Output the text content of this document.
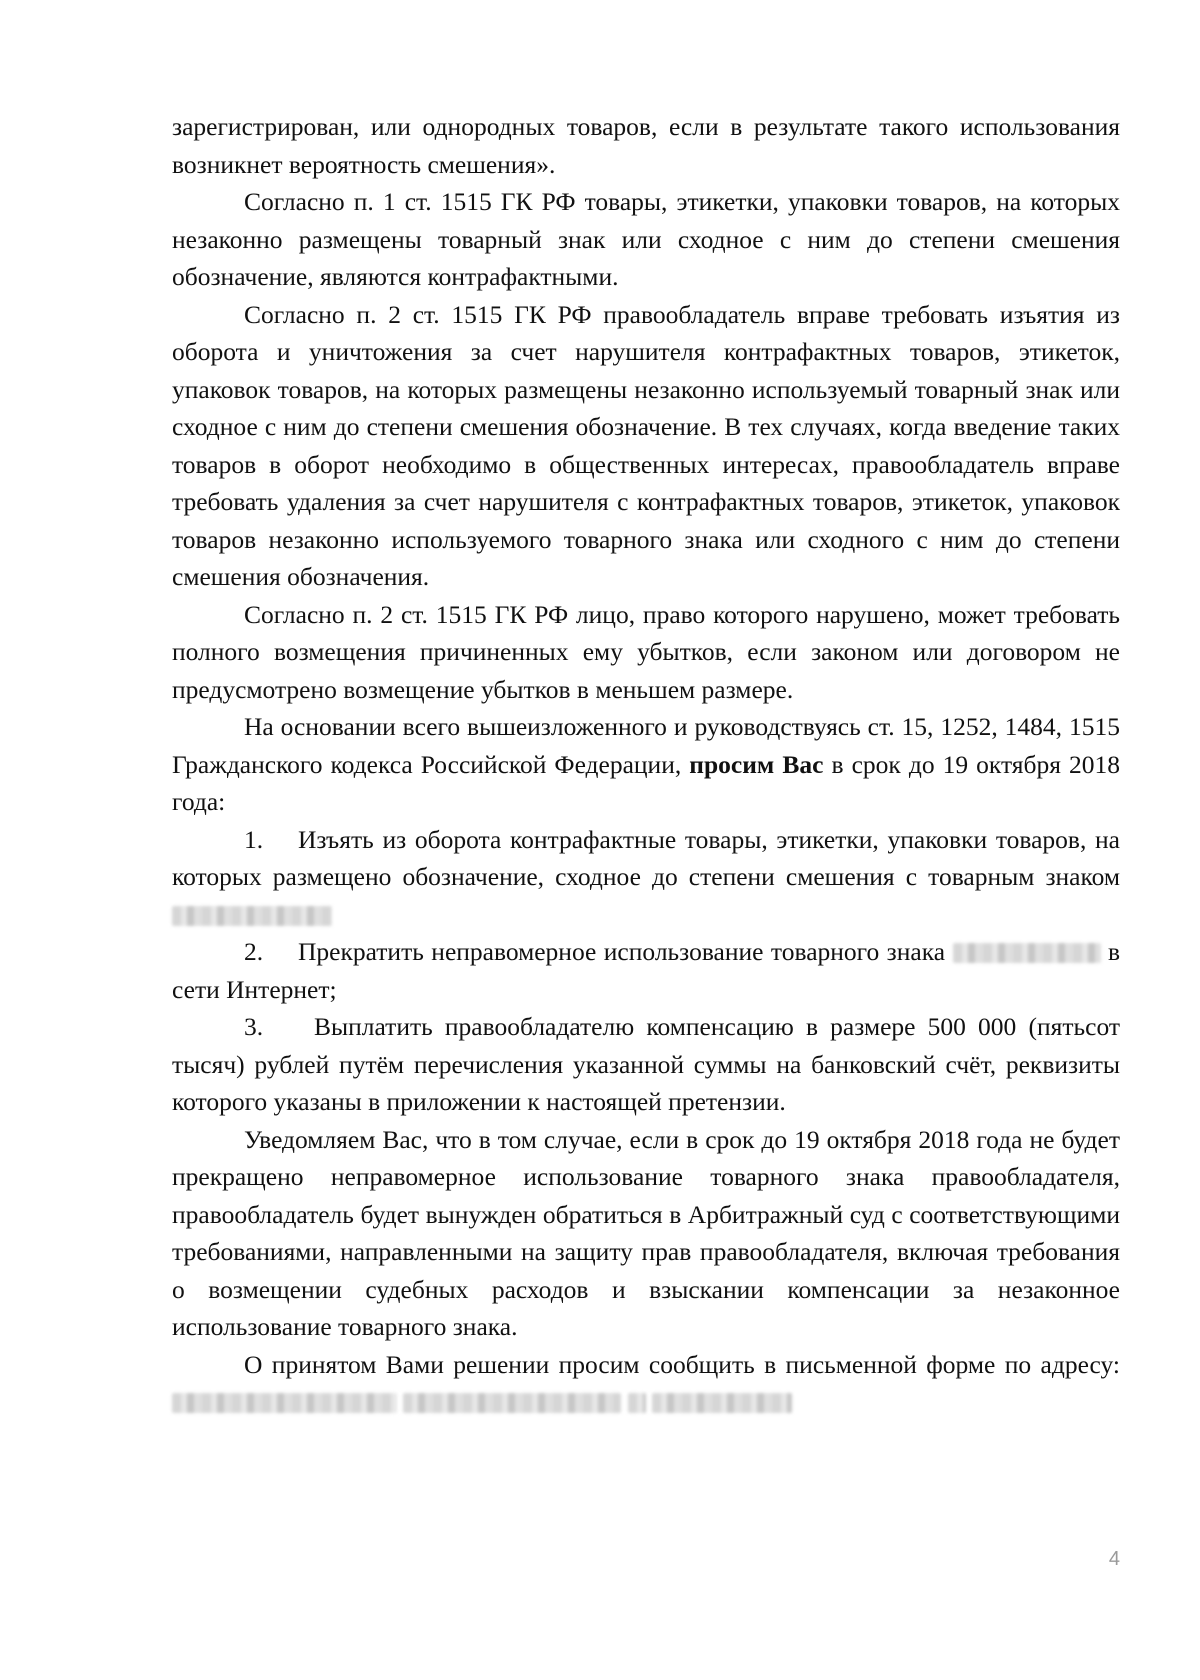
зарегистрирован, или однородных товаров, если в результате такого использования возникнет вероятность смешения».

Согласно п. 1 ст. 1515 ГК РФ товары, этикетки, упаковки товаров, на которых незаконно размещены товарный знак или сходное с ним до степени смешения обозначение, являются контрафактными.

Согласно п. 2 ст. 1515 ГК РФ правообладатель вправе требовать изъятия из оборота и уничтожения за счет нарушителя контрафактных товаров, этикеток, упаковок товаров, на которых размещены незаконно используемый товарный знак или сходное с ним до степени смешения обозначение. В тех случаях, когда введение таких товаров в оборот необходимо в общественных интересах, правообладатель вправе требовать удаления за счет нарушителя с контрафактных товаров, этикеток, упаковок товаров незаконно используемого товарного знака или сходного с ним до степени смешения обозначения.

Согласно п. 2 ст. 1515 ГК РФ лицо, право которого нарушено, может требовать полного возмещения причиненных ему убытков, если законом или договором не предусмотрено возмещение убытков в меньшем размере.

На основании всего вышеизложенного и руководствуясь ст. 15, 1252, 1484, 1515 Гражданского кодекса Российской Федерации, просим Вас в срок до 19 октября 2018 года:

1. Изъять из оборота контрафактные товары, этикетки, упаковки товаров, на которых размещено обозначение, сходное до степени смешения с товарным знаком

2. Прекратить неправомерное использование товарного знака	в сети Интернет;

3. Выплатить правообладателю компенсацию в размере 500 000 (пятьсот тысяч) рублей путём перечисления указанной суммы на банковский счёт, реквизиты которого указаны в приложении к настоящей претензии.

Уведомляем Вас, что в том случае, если в срок до 19 октября 2018 года не будет прекращено неправомерное использование товарного знака правообладателя, правообладатель будет вынужден обратиться в Арбитражный суд с соответствующими требованиями, направленными на защиту прав правообладателя, включая требования о возмещении судебных расходов и взыскании компенсации за незаконное использование товарного знака.

О принятом Вами решении просим сообщить в письменной форме по адресу:

4
